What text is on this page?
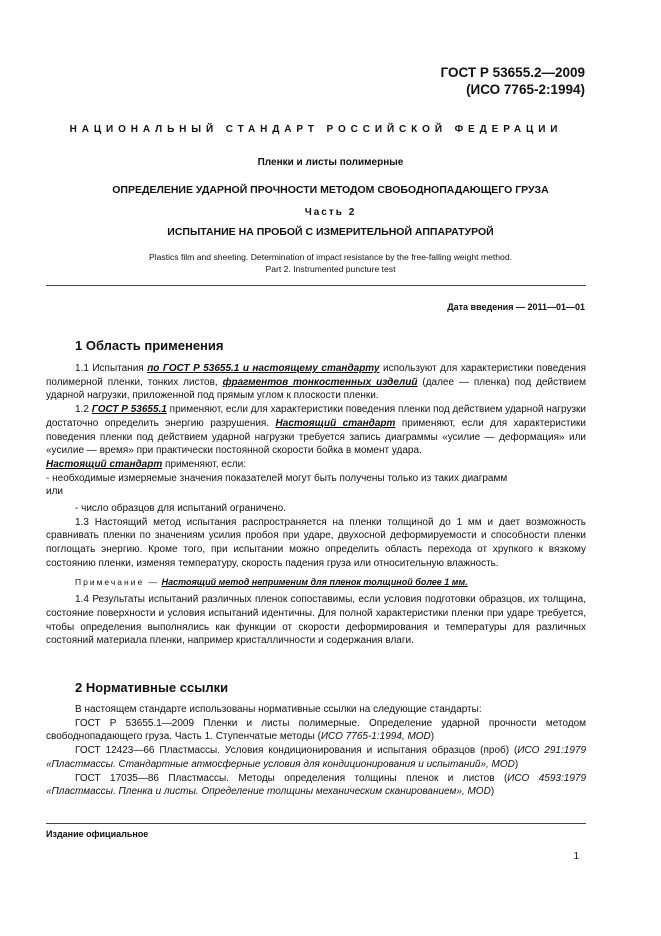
ГОСТ Р 53655.2—2009
(ИСО 7765-2:1994)
НАЦИОНАЛЬНЫЙ СТАНДАРТ РОССИЙСКОЙ ФЕДЕРАЦИИ
Пленки и листы полимерные
ОПРЕДЕЛЕНИЕ УДАРНОЙ ПРОЧНОСТИ МЕТОДОМ СВОБОДНОПАДАЮЩЕГО ГРУЗА
Часть 2
ИСПЫТАНИЕ НА ПРОБОЙ С ИЗМЕРИТЕЛЬНОЙ АППАРАТУРОЙ
Plastics film and sheeting. Determination of impact resistance by the free-falling weight method.
Part 2. Instrumented puncture test
Дата введения — 2011—01—01
1 Область применения

1.1 Испытания по ГОСТ Р 53655.1 и настоящему стандарту используют для характеристики поведения полимерной пленки, тонких листов, фрагментов тонкостенных изделий (далее — пленка) под действием ударной нагрузки, приложенной под прямым углом к плоскости пленки.

1.2 ГОСТ Р 53655.1 применяют, если для характеристики поведения пленки под действием ударной нагрузки достаточно определить энергию разрушения. Настоящий стандарт применяют, если для характеристики поведения пленки под действием ударной нагрузки требуется запись диаграммы «усилие — деформация» или «усилие — время» при практически постоянной скорости бойка в момент удара.

Настоящий стандарт применяют, если:

- необходимые измеряемые значения показателей могут быть получены только из таких диаграмм

или

- число образцов для испытаний ограничено.

1.3 Настоящий метод испытания распространяется на пленки толщиной до 1 мм и дает возможность сравнивать пленки по значениям усилия пробоя при ударе, двухосной деформируемости и способности пленки поглощать энергию. Кроме того, при испытании можно определить область перехода от хрупкого к вязкому состоянию пленки, изменяя температуру, скорость падения груза или относительную влажность.

Примечание — Настоящий метод неприменим для пленок толщиной более 1 мм.

1.4 Результаты испытаний различных пленок сопоставимы, если условия подготовки образцов, их толщина, состояние поверхности и условия испытаний идентичны. Для полной характеристики пленки при ударе требуется, чтобы определения выполнялись как функции от скорости деформирования и температуры для различных состояний материала пленки, например кристалличности и содержания влаги.

2 Нормативные ссылки

В настоящем стандарте использованы нормативные ссылки на следующие стандарты:

ГОСТ Р 53655.1—2009 Пленки и листы полимерные. Определение ударной прочности методом свободнопадающего груза. Часть 1. Ступенчатые методы (ИСО 7765-1:1994, MOD)

ГОСТ 12423—66 Пластмассы. Условия кондиционирования и испытания образцов (проб) (ИСО 291:1979 «Пластмассы. Стандартные атмосферные условия для кондиционирования и испытаний», MOD)

ГОСТ 17035—86 Пластмассы. Методы определения толщины пленок и листов (ИСО 4593:1979 «Пластмассы. Пленка и листы. Определение толщины механическим сканированием», MOD)

Издание официальное
1
